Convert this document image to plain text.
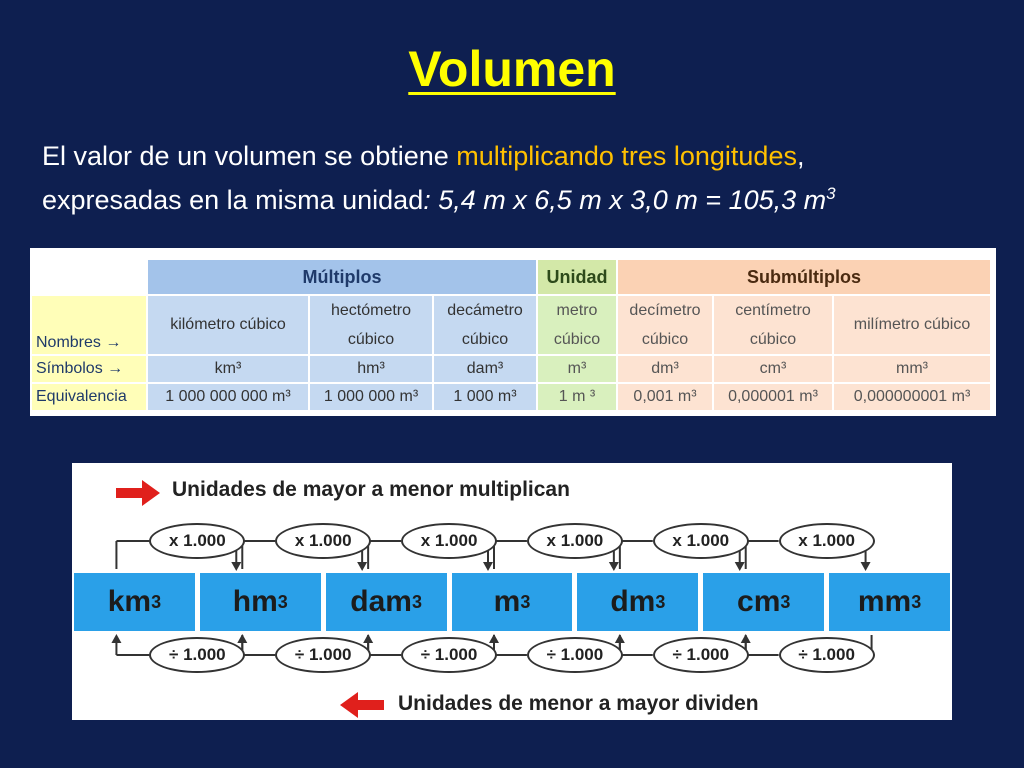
Volumen
El valor de un volumen se obtiene multiplicando tres longitudes,
expresadas en la misma unidad: 5,4 m x 6,5 m x 3,0 m = 105,3 $m^3$
	Múltiplos			Unidad	Submúltiplos		
Nombres →	kilómetro cúbico	hectómetro cúbico	decámetro cúbico	metro cúbico	decímetro cúbico	centímetro cúbico	milímetro cúbico
Símbolos →	km³	hm³	dam³	m³	dm³	cm³	mm³
Equivalencia	1 000 000 000 m³	1 000 000 m³	1 000 m³	1 m ³	0,001 m³	0,000001 m³	0,000000001 m³
Unidades de mayor a menor multiplican
Unidades de menor a mayor dividen
km 3 hm 3 dam 3 m 3	dm 3 cm 3 mm 3
x 1.000
÷ 1.000
x 1.000
÷ 1.000
x 1.000
÷ 1.000
x 1.000
÷ 1.000
x 1.000
÷ 1.000
x 1.000
÷ 1.000
